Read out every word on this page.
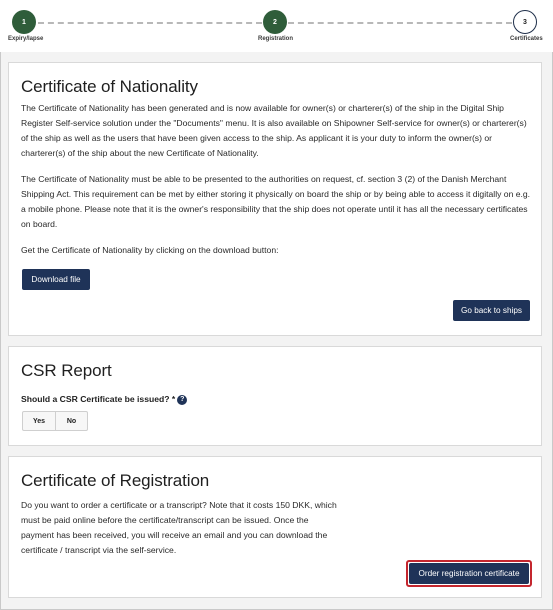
1
Expiry/lapse
2
Registration
3
Certificates
Certificate of Nationality

The Certificate of Nationality has been generated and is now available for owner(s) or charterer(s) of the ship in the Digital Ship Register Self-service solution under the "Documents" menu. It is also available on Shipowner Self-service for owner(s) or charterer(s) of the ship as well as the users that have been given access to the ship. As applicant it is your duty to inform the owner(s) or charterer(s) of the ship about the new Certificate of Nationality.

The Certificate of Nationality must be able to be presented to the authorities on request, cf. section 3 (2) of the Danish Merchant Shipping Act. This requirement can be met by either storing it physically on board the ship or by being able to access it digitally on e.g. a mobile phone. Please note that it is the owner's responsibility that the ship does not operate until it has all the necessary certificates on board.

Get the Certificate of Nationality by clicking on the download button:

Download file
Go back to ships
CSR Report
Should a CSR Certificate be issued? * ?
Yes	No
Certificate of Registration

Do you want to order a certificate or a transcript? Note that it costs 150 DKK, which must be paid online before the certificate/transcript can be issued. Once the payment has been received, you will receive an email and you can download the certificate / transcript via the self-service.

Order registration certificate
